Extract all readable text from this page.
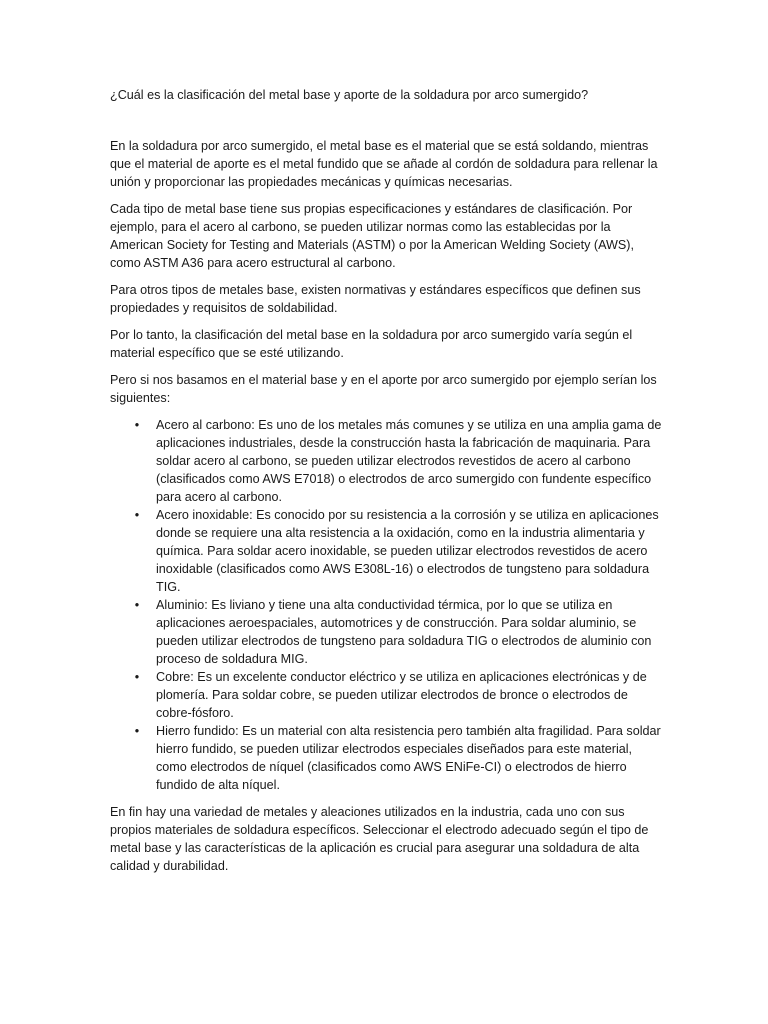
¿Cuál es la clasificación del metal base y aporte de la soldadura por arco sumergido?

En la soldadura por arco sumergido, el metal base es el material que se está soldando, mientras que el material de aporte es el metal fundido que se añade al cordón de soldadura para rellenar la unión y proporcionar las propiedades mecánicas y químicas necesarias.

Cada tipo de metal base tiene sus propias especificaciones y estándares de clasificación. Por ejemplo, para el acero al carbono, se pueden utilizar normas como las establecidas por la American Society for Testing and Materials (ASTM) o por la American Welding Society (AWS), como ASTM A36 para acero estructural al carbono.

Para otros tipos de metales base, existen normativas y estándares específicos que definen sus propiedades y requisitos de soldabilidad.

Por lo tanto, la clasificación del metal base en la soldadura por arco sumergido varía según el material específico que se esté utilizando.

Pero si nos basamos en el material base y en el aporte por arco sumergido por ejemplo serían los siguientes:

• Acero al carbono: Es uno de los metales más comunes y se utiliza en una amplia gama de aplicaciones industriales, desde la construcción hasta la fabricación de maquinaria. Para soldar acero al carbono, se pueden utilizar electrodos revestidos de acero al carbono (clasificados como AWS E7018) o electrodos de arco sumergido con fundente específico para acero al carbono.
• Acero inoxidable: Es conocido por su resistencia a la corrosión y se utiliza en aplicaciones donde se requiere una alta resistencia a la oxidación, como en la industria alimentaria y química. Para soldar acero inoxidable, se pueden utilizar electrodos revestidos de acero inoxidable (clasificados como AWS E308L-16) o electrodos de tungsteno para soldadura TIG.
• Aluminio: Es liviano y tiene una alta conductividad térmica, por lo que se utiliza en aplicaciones aeroespaciales, automotrices y de construcción. Para soldar aluminio, se pueden utilizar electrodos de tungsteno para soldadura TIG o electrodos de aluminio con proceso de soldadura MIG.
• Cobre: Es un excelente conductor eléctrico y se utiliza en aplicaciones electrónicas y de plomería. Para soldar cobre, se pueden utilizar electrodos de bronce o electrodos de cobre-fósforo.
• Hierro fundido: Es un material con alta resistencia pero también alta fragilidad. Para soldar hierro fundido, se pueden utilizar electrodos especiales diseñados para este material, como electrodos de níquel (clasificados como AWS ENiFe-CI) o electrodos de hierro fundido de alta níquel.

En fin hay una variedad de metales y aleaciones utilizados en la industria, cada uno con sus propios materiales de soldadura específicos. Seleccionar el electrodo adecuado según el tipo de metal base y las características de la aplicación es crucial para asegurar una soldadura de alta calidad y durabilidad.
